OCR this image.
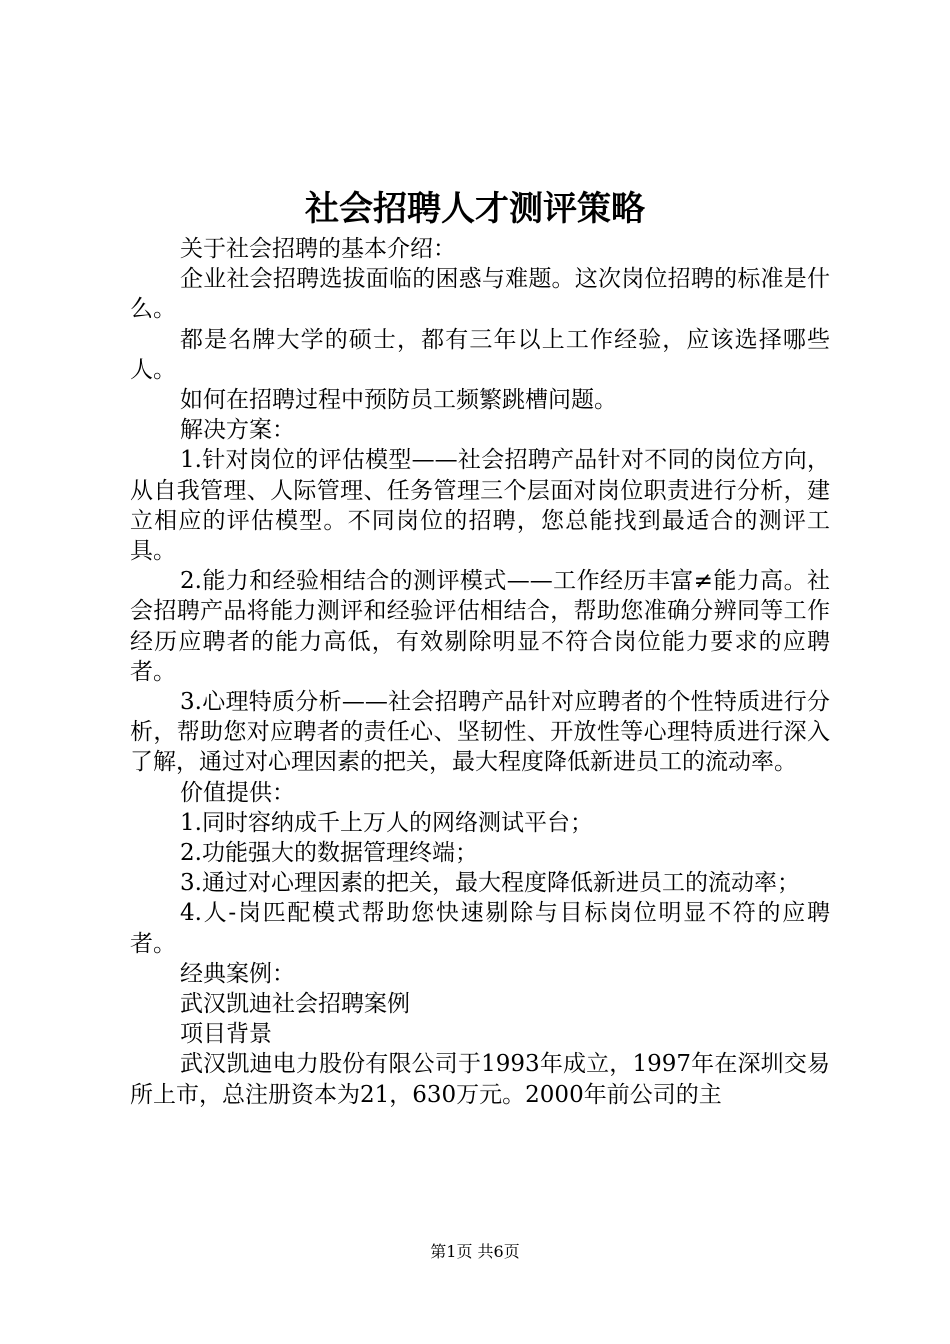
社会招聘人才测评策略

关于社会招聘的基本介绍：

企业社会招聘选拔面临的困惑与难题。这次岗位招聘的标准是什么。

都是名牌大学的硕士，都有三年以上工作经验，应该选择哪些人。

如何在招聘过程中预防员工频繁跳槽问题。

解决方案：

1.针对岗位的评估模型——社会招聘产品针对不同的岗位方向，从自我管理、人际管理、任务管理三个层面对岗位职责进行分析，建立相应的评估模型。不同岗位的招聘，您总能找到最适合的测评工具。

2.能力和经验相结合的测评模式——工作经历丰富≠能力高。社会招聘产品将能力测评和经验评估相结合，帮助您准确分辨同等工作经历应聘者的能力高低，有效剔除明显不符合岗位能力要求的应聘者。

3.心理特质分析——社会招聘产品针对应聘者的个性特质进行分析，帮助您对应聘者的责任心、坚韧性、开放性等心理特质进行深入了解，通过对心理因素的把关，最大程度降低新进员工的流动率。

价值提供：

1.同时容纳成千上万人的网络测试平台；

2.功能强大的数据管理终端；

3.通过对心理因素的把关，最大程度降低新进员工的流动率；

4.人-岗匹配模式帮助您快速剔除与目标岗位明显不符的应聘者。

经典案例：

武汉凯迪社会招聘案例

项目背景

武汉凯迪电力股份有限公司于1993年成立，1997年在深圳交易所上市，总注册资本为21，630万元。2000年前公司的主

第1页 共6页
